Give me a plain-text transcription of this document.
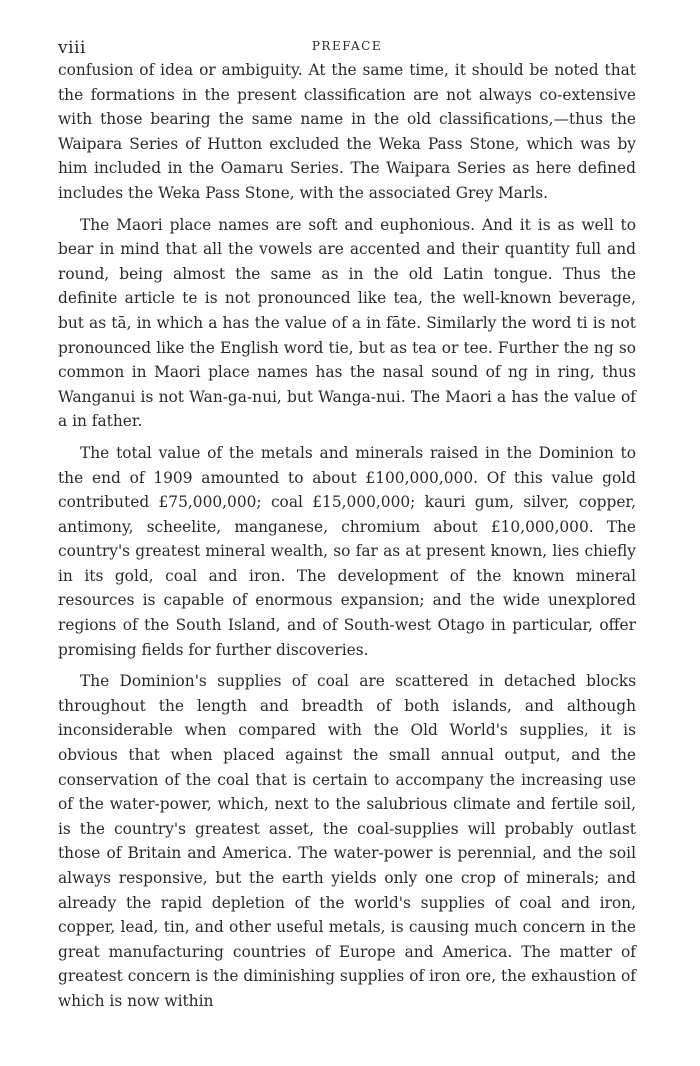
viii	PREFACE

confusion of idea or ambiguity. At the same time, it should be noted that the formations in the present classification are not always co-extensive with those bearing the same name in the old classifications,—thus the Waipara Series of Hutton excluded the Weka Pass Stone, which was by him included in the Oamaru Series. The Waipara Series as here defined includes the Weka Pass Stone, with the associated Grey Marls.

The Maori place names are soft and euphonious. And it is as well to bear in mind that all the vowels are accented and their quantity full and round, being almost the same as in the old Latin tongue. Thus the definite article te is not pronounced like tea, the well-known beverage, but as tā, in which a has the value of a in fāte. Similarly the word ti is not pronounced like the English word tie, but as tea or tee. Further the ng so common in Maori place names has the nasal sound of ng in ring, thus Wanganui is not Wan-ga-nui, but Wanga-nui. The Maori a has the value of a in father.

The total value of the metals and minerals raised in the Dominion to the end of 1909 amounted to about £100,000,000. Of this value gold contributed £75,000,000; coal £15,000,000; kauri gum, silver, copper, antimony, scheelite, manganese, chromium about £10,000,000. The country's greatest mineral wealth, so far as at present known, lies chiefly in its gold, coal and iron. The development of the known mineral resources is capable of enormous expansion; and the wide unexplored regions of the South Island, and of South-west Otago in particular, offer promising fields for further discoveries.

The Dominion's supplies of coal are scattered in detached blocks throughout the length and breadth of both islands, and although inconsiderable when compared with the Old World's supplies, it is obvious that when placed against the small annual output, and the conservation of the coal that is certain to accompany the increasing use of the water-power, which, next to the salubrious climate and fertile soil, is the country's greatest asset, the coal-supplies will probably outlast those of Britain and America. The water-power is perennial, and the soil always responsive, but the earth yields only one crop of minerals; and already the rapid depletion of the world's supplies of coal and iron, copper, lead, tin, and other useful metals, is causing much concern in the great manufacturing countries of Europe and America. The matter of greatest concern is the diminishing supplies of iron ore, the exhaustion of which is now within
